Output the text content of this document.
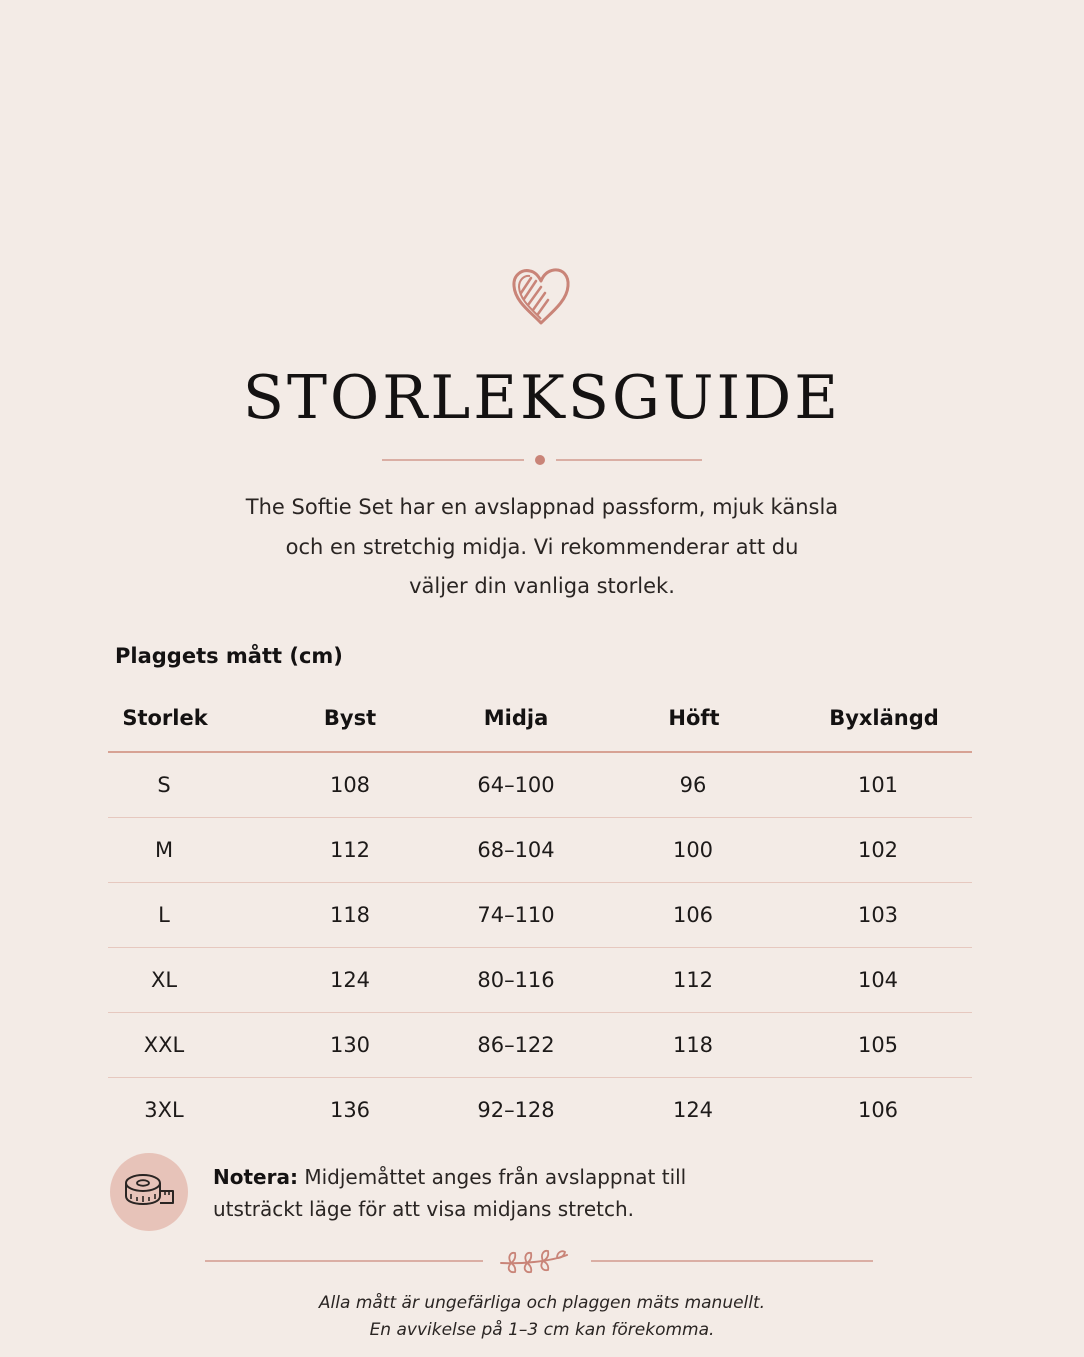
STORLEKSGUIDE
The Softie Set har en avslappnad passform, mjuk känsla
och en stretchig midja. Vi rekommenderar att du
väljer din vanliga storlek.
Plaggets mått (cm)
Storlek	Byst	Midja	Höft	Byxlängd
S	108	64–100	96	101
M	112	68–104	100	102
L	118	74–110	106	103
XL	124	80–116	112	104
XXL	130	86–122	118	105
3XL	136	92–128	124	106
Notera: Midjemåttet anges från avslappnat till
utsträckt läge för att visa midjans stretch.
Alla mått är ungefärliga och plaggen mäts manuellt.
En avvikelse på 1–3 cm kan förekomma.
